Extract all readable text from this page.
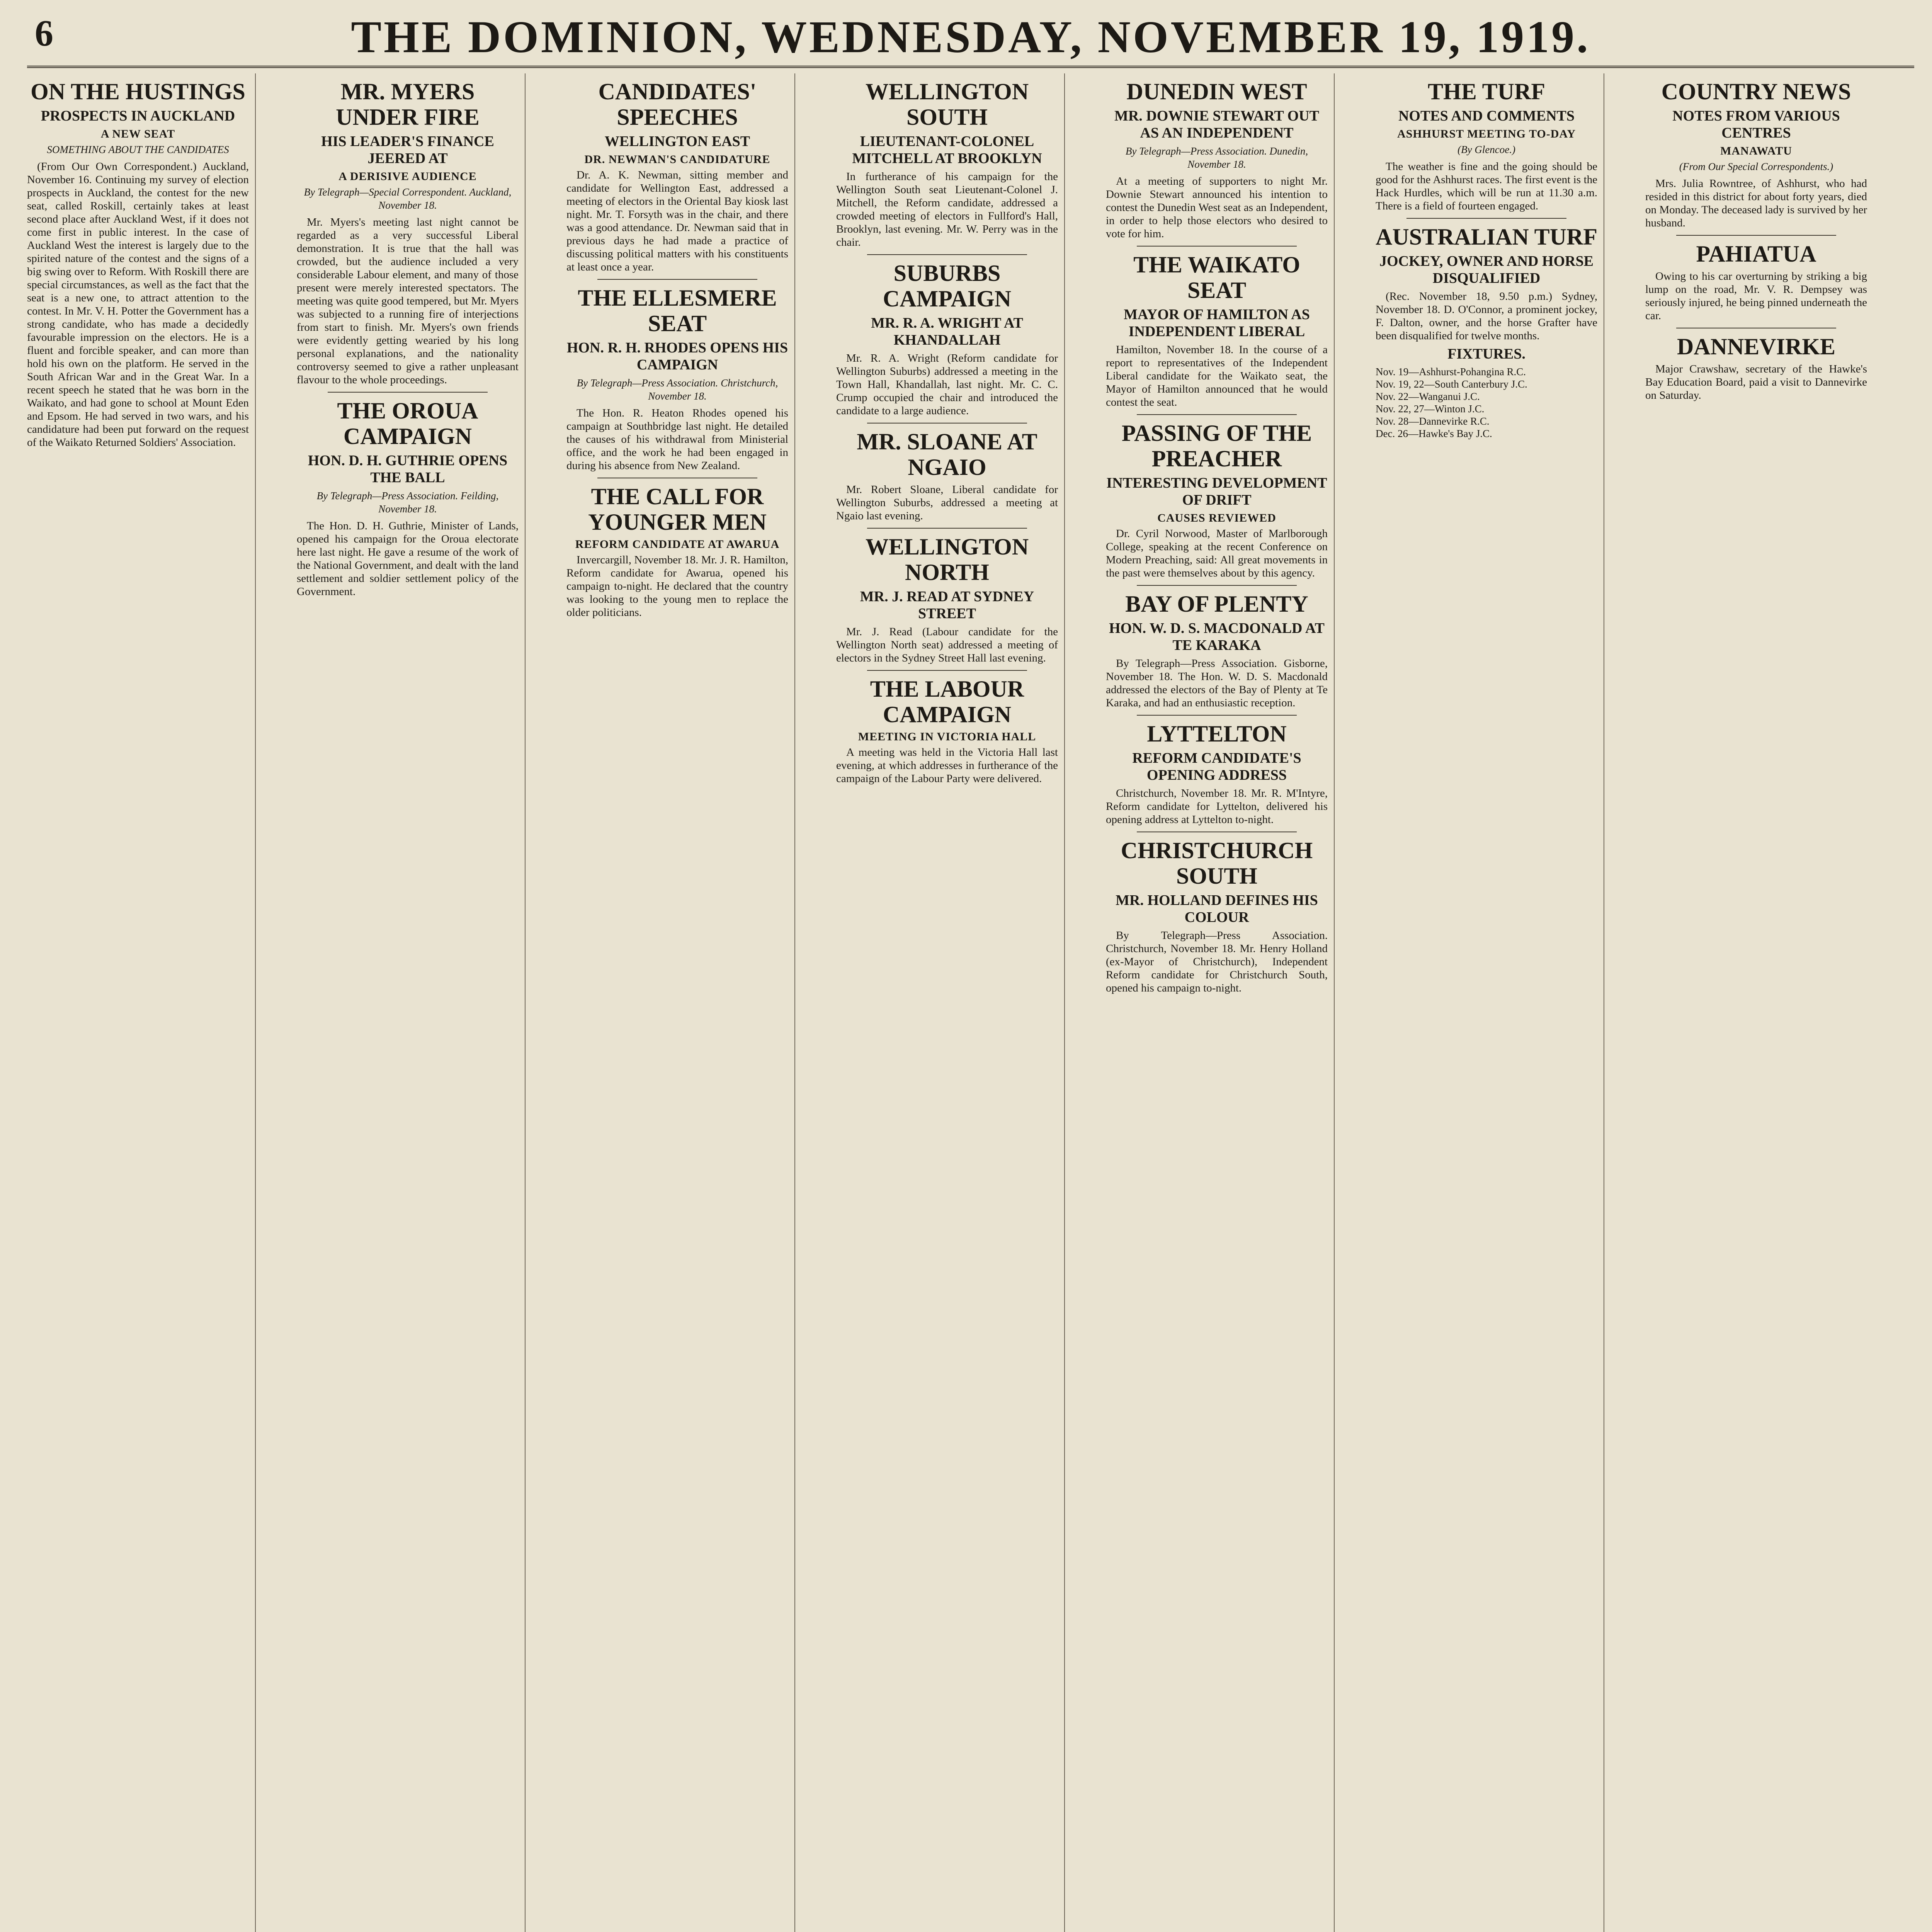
6	THE DOMINION, WEDNESDAY, NOVEMBER 19, 1919.
ON THE HUSTINGS
PROSPECTS IN AUCKLAND
A NEW SEAT
SOMETHING ABOUT THE CANDIDATES

(From Our Own Correspondent.) Auckland, November 16. Continuing my survey of election prospects in Auckland, the contest for the new seat, called Roskill, certainly takes at least second place after Auckland West, if it does not come first in public interest. In the case of Auckland West the interest is largely due to the spirited nature of the contest and the signs of a big swing over to Reform. With Roskill there are special circumstances, as well as the fact that the seat is a new one, to attract attention to the contest. In Mr. V. H. Potter the Government has a strong candidate, who has made a decidedly favourable impression on the electors. He is a fluent and forcible speaker, and can more than hold his own on the platform. He served in the South African War and in the Great War. In a recent speech he stated that he was born in the Waikato, and had gone to school at Mount Eden and Epsom. He had served in two wars, and his candidature had been put forward on the request of the Waikato Returned Soldiers' Association.

MR. MYERS UNDER FIRE
HIS LEADER'S FINANCE JEERED AT
A DERISIVE AUDIENCE
By Telegraph—Special Correspondent. Auckland, November 18.

Mr. Myers's meeting last night cannot be regarded as a very successful Liberal demonstration. It is true that the hall was crowded, but the audience included a very considerable Labour element, and many of those present were merely interested spectators. The meeting was quite good tempered, but Mr. Myers was subjected to a running fire of interjections from start to finish. Mr. Myers's own friends were evidently getting wearied by his long personal explanations, and the nationality controversy seemed to give a rather unpleasant flavour to the whole proceedings.

THE OROUA CAMPAIGN
HON. D. H. GUTHRIE OPENS THE BALL
By Telegraph—Press Association. Feilding, November 18.

The Hon. D. H. Guthrie, Minister of Lands, opened his campaign for the Oroua electorate here last night. He gave a resume of the work of the National Government, and dealt with the land settlement and soldier settlement policy of the Government.

CANDIDATES' SPEECHES
WELLINGTON EAST
DR. NEWMAN'S CANDIDATURE

Dr. A. K. Newman, sitting member and candidate for Wellington East, addressed a meeting of electors in the Oriental Bay kiosk last night. Mr. T. Forsyth was in the chair, and there was a good attendance. Dr. Newman said that in previous days he had made a practice of discussing political matters with his constituents at least once a year.

THE ELLESMERE SEAT
HON. R. H. RHODES OPENS HIS CAMPAIGN
By Telegraph—Press Association. Christchurch, November 18.

The Hon. R. Heaton Rhodes opened his campaign at Southbridge last night. He detailed the causes of his withdrawal from Ministerial office, and the work he had been engaged in during his absence from New Zealand.

THE CALL FOR YOUNGER MEN
REFORM CANDIDATE AT AWARUA

Invercargill, November 18. Mr. J. R. Hamilton, Reform candidate for Awarua, opened his campaign to-night. He declared that the country was looking to the young men to replace the older politicians.

WELLINGTON SOUTH
LIEUTENANT-COLONEL MITCHELL AT BROOKLYN

In furtherance of his campaign for the Wellington South seat Lieutenant-Colonel J. Mitchell, the Reform candidate, addressed a crowded meeting of electors in Fullford's Hall, Brooklyn, last evening. Mr. W. Perry was in the chair.

SUBURBS CAMPAIGN
MR. R. A. WRIGHT AT KHANDALLAH

Mr. R. A. Wright (Reform candidate for Wellington Suburbs) addressed a meeting in the Town Hall, Khandallah, last night. Mr. C. C. Crump occupied the chair and introduced the candidate to a large audience.

MR. SLOANE AT NGAIO

Mr. Robert Sloane, Liberal candidate for Wellington Suburbs, addressed a meeting at Ngaio last evening.

WELLINGTON NORTH
MR. J. READ AT SYDNEY STREET

Mr. J. Read (Labour candidate for the Wellington North seat) addressed a meeting of electors in the Sydney Street Hall last evening.

THE LABOUR CAMPAIGN
MEETING IN VICTORIA HALL

A meeting was held in the Victoria Hall last evening, at which addresses in furtherance of the campaign of the Labour Party were delivered.

DUNEDIN WEST
MR. DOWNIE STEWART OUT AS AN INDEPENDENT
By Telegraph—Press Association. Dunedin, November 18.

At a meeting of supporters to night Mr. Downie Stewart announced his intention to contest the Dunedin West seat as an Independent, in order to help those electors who desired to vote for him.

THE WAIKATO SEAT
MAYOR OF HAMILTON AS INDEPENDENT LIBERAL

Hamilton, November 18. In the course of a report to representatives of the Independent Liberal candidate for the Waikato seat, the Mayor of Hamilton announced that he would contest the seat.

PASSING OF THE PREACHER
INTERESTING DEVELOPMENT OF DRIFT
CAUSES REVIEWED

Dr. Cyril Norwood, Master of Marlborough College, speaking at the recent Conference on Modern Preaching, said: All great movements in the past were themselves about by this agency.

BAY OF PLENTY
HON. W. D. S. MACDONALD AT TE KARAKA

By Telegraph—Press Association. Gisborne, November 18. The Hon. W. D. S. Macdonald addressed the electors of the Bay of Plenty at Te Karaka, and had an enthusiastic reception.

LYTTELTON
REFORM CANDIDATE'S OPENING ADDRESS

Christchurch, November 18. Mr. R. M'Intyre, Reform candidate for Lyttelton, delivered his opening address at Lyttelton to-night.

CHRISTCHURCH SOUTH
MR. HOLLAND DEFINES HIS COLOUR

By Telegraph—Press Association. Christchurch, November 18. Mr. Henry Holland (ex-Mayor of Christchurch), Independent Reform candidate for Christchurch South, opened his campaign to-night.

THE TURF
NOTES AND COMMENTS
ASHHURST MEETING TO-DAY
(By Glencoe.)

The weather is fine and the going should be good for the Ashhurst races. The first event is the Hack Hurdles, which will be run at 11.30 a.m. There is a field of fourteen engaged.

AUSTRALIAN TURF
JOCKEY, OWNER AND HORSE DISQUALIFIED

(Rec. November 18, 9.50 p.m.) Sydney, November 18. D. O'Connor, a prominent jockey, F. Dalton, owner, and the horse Grafter have been disqualified for twelve months.

FIXTURES.

Nov. 19—Ashhurst-Pohangina R.C.

Nov. 19, 22—South Canterbury J.C.

Nov. 22—Wanganui J.C.

Nov. 22, 27—Winton J.C.

Nov. 28—Dannevirke R.C.

Dec. 26—Hawke's Bay J.C.

COUNTRY NEWS
NOTES FROM VARIOUS CENTRES
MANAWATU
(From Our Special Correspondents.)

Mrs. Julia Rowntree, of Ashhurst, who had resided in this district for about forty years, died on Monday. The deceased lady is survived by her husband.

PAHIATUA

Owing to his car overturning by striking a big lump on the road, Mr. V. R. Dempsey was seriously injured, he being pinned underneath the car.

DANNEVIRKE

Major Crawshaw, secretary of the Hawke's Bay Education Board, paid a visit to Dannevirke on Saturday.
